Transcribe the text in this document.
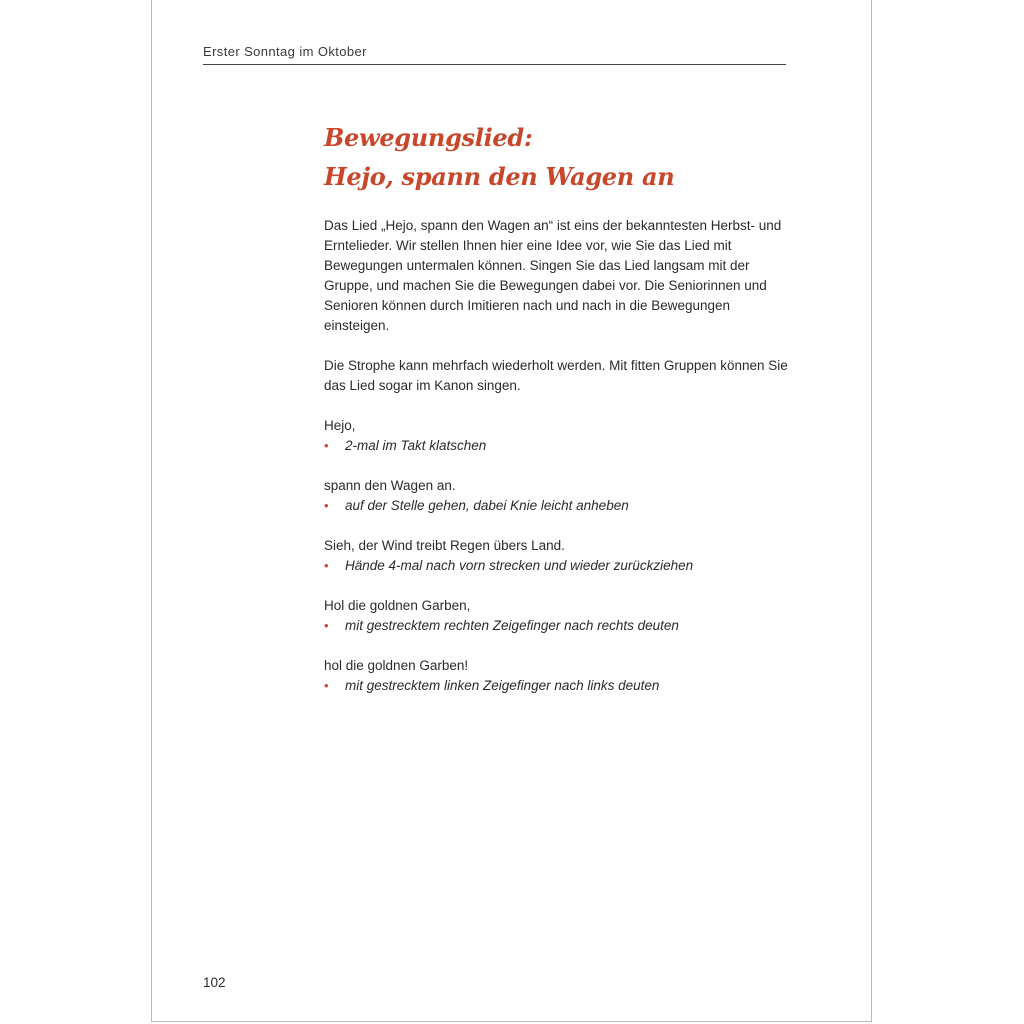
Erster Sonntag im Oktober
Bewegungslied:
Hejo, spann den Wagen an

Das Lied „Hejo, spann den Wagen an“ ist eins der bekanntesten Herbst- und Erntelieder. Wir stellen Ihnen hier eine Idee vor, wie Sie das Lied mit Bewegungen untermalen können. Singen Sie das Lied langsam mit der Gruppe, und machen Sie die Bewegungen dabei vor. Die Seniorinnen und Senioren können durch Imitieren nach und nach in die Bewegungen einsteigen.

Die Strophe kann mehrfach wiederholt werden. Mit fitten Gruppen können Sie das Lied sogar im Kanon singen.

Hejo,
• 2-mal im Takt klatschen
spann den Wagen an.
• auf der Stelle gehen, dabei Knie leicht anheben
Sieh, der Wind treibt Regen übers Land.
• Hände 4-mal nach vorn strecken und wieder zurückziehen
Hol die goldnen Garben,
• mit gestrecktem rechten Zeigefinger nach rechts deuten
hol die goldnen Garben!
• mit gestrecktem linken Zeigefinger nach links deuten
102
